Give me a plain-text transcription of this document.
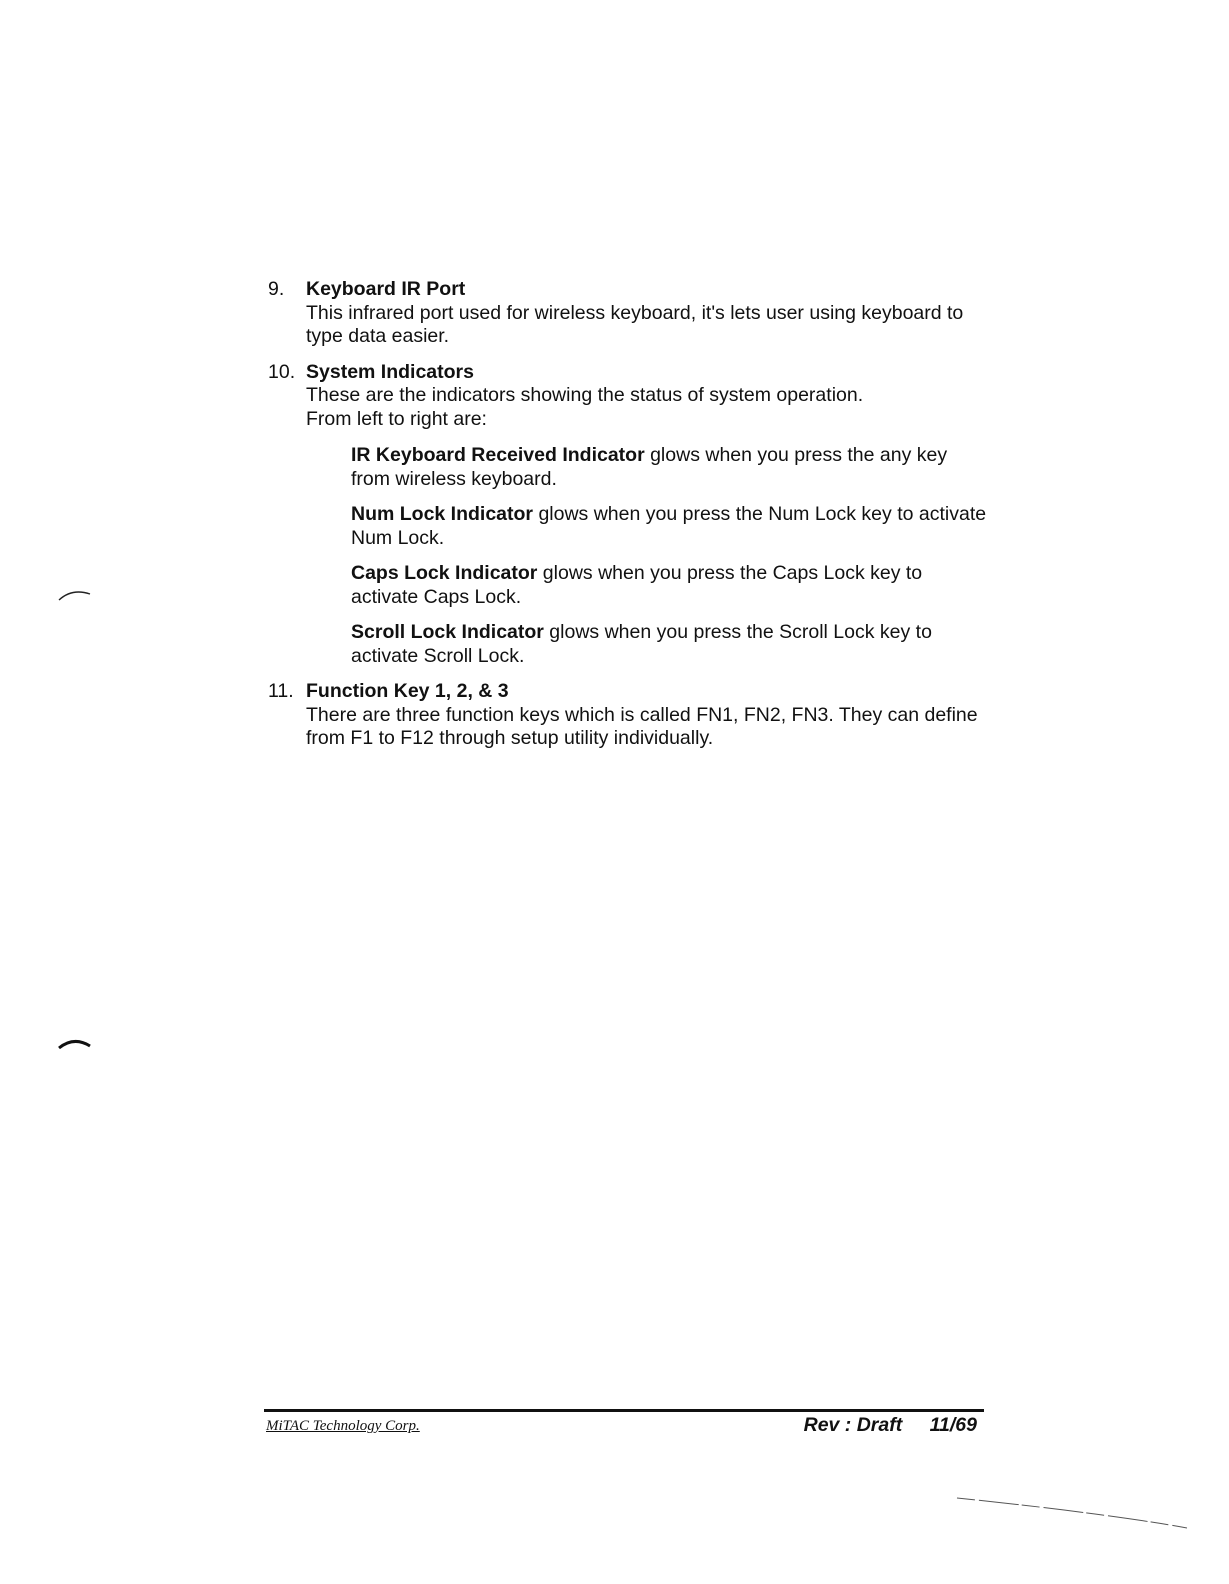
9. Keyboard IR Port
This infrared port used for wireless keyboard, it's lets user using keyboard to type data easier.
10. System Indicators
These are the indicators showing the status of system operation.
From left to right are:

IR Keyboard Received Indicator glows when you press the any key from wireless keyboard.

Num Lock Indicator glows when you press the Num Lock key to activate Num Lock.

Caps Lock Indicator glows when you press the Caps Lock key to activate Caps Lock.

Scroll Lock Indicator glows when you press the Scroll Lock key to activate Scroll Lock.

11. Function Key 1, 2, & 3
There are three function keys which is called FN1, FN2, FN3. They can define from F1 to F12 through setup utility individually.
MiTAC Technology Corp.	Rev : Draft 11/69
